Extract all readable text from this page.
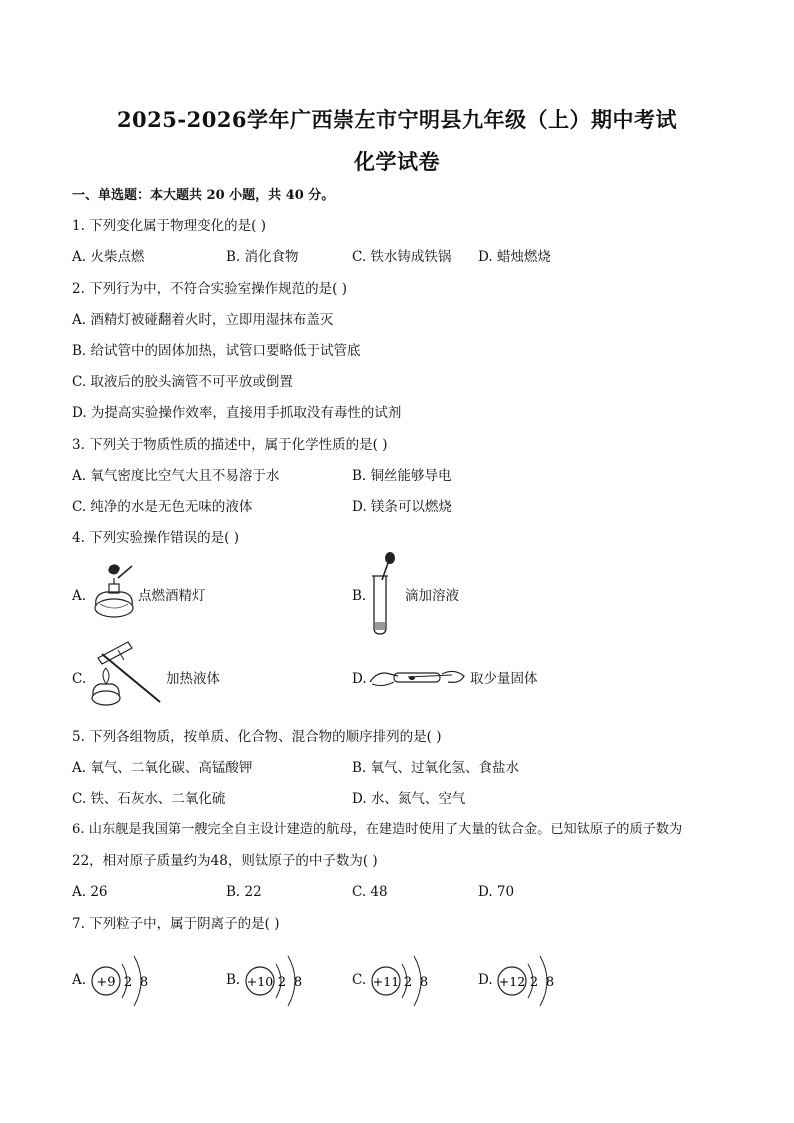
2025-2026学年广西崇左市宁明县九年级（上）期中考试
化学试卷
一、单选题：本大题共 20 小题，共 40 分。
1. 下列变化属于物理变化的是( )
A. 火柴点燃	B. 消化食物	C. 铁水铸成铁锅 D. 蜡烛燃烧
2. 下列行为中，不符合实验室操作规范的是( )
A. 酒精灯被碰翻着火时，立即用湿抹布盖灭
B. 给试管中的固体加热，试管口要略低于试管底
C. 取液后的胶头滴管不可平放或倒置
D. 为提高实验操作效率，直接用手抓取没有毒性的试剂
3. 下列关于物质性质的描述中，属于化学性质的是( )
A. 氧气密度比空气大且不易溶于水	B. 铜丝能够导电
C. 纯净的水是无色无味的液体	D. 镁条可以燃烧
4. 下列实验操作错误的是( )
A.	点燃酒精灯	B.	滴加溶液
C.	加热液体	D.	取少量固体
5. 下列各组物质，按单质、化合物、混合物的顺序排列的是( )
A. 氧气、二氧化碳、高锰酸钾	B. 氧气、过氧化氢、食盐水
C. 铁、石灰水、二氧化硫	D. 水、氮气、空气
6. 山东舰是我国第一艘完全自主设计建造的航母，在建造时使用了大量的钛合金。已知钛原子的质子数为
22，相对原子质量约为48，则钛原子的中子数为( )
A. 26	B. 22	C. 48	D. 70
7. 下列粒子中，属于阴离子的是( )
A. +9 2 8	B. +10 2 8	C. +11 2 8	D. +12 2 8
